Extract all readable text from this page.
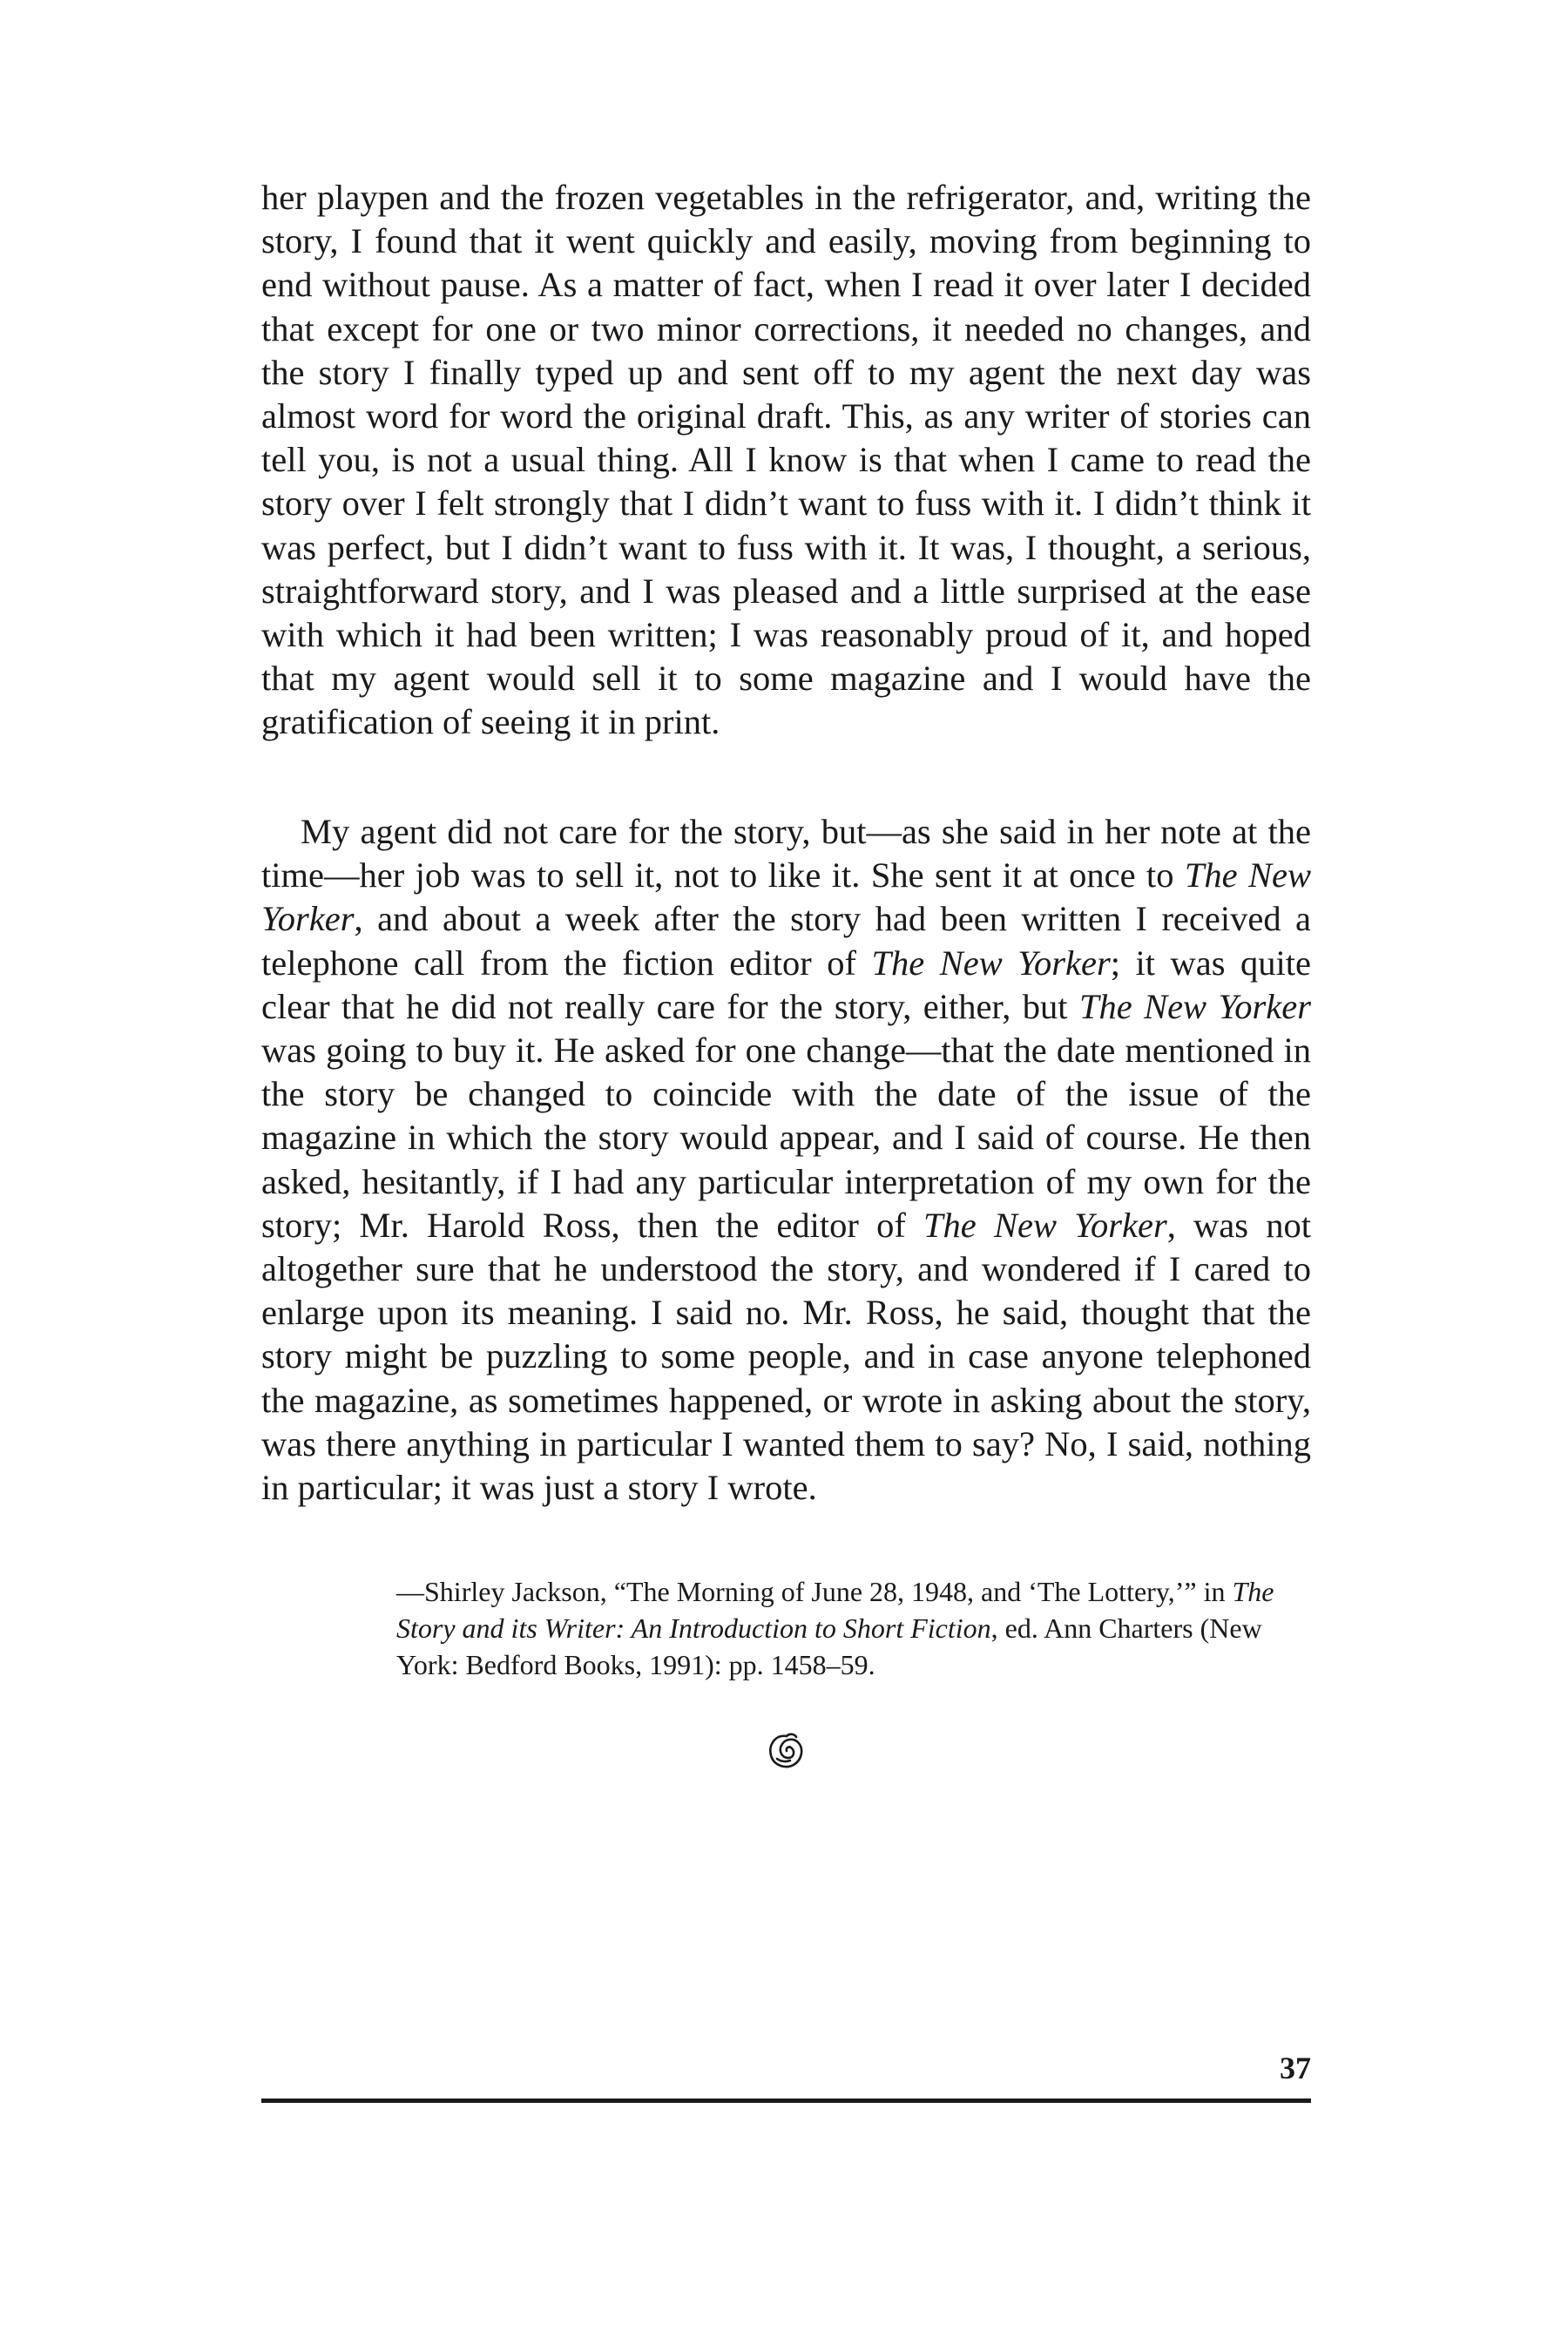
her playpen and the frozen vegetables in the refrigerator, and, writing the story, I found that it went quickly and easily, moving from beginning to end without pause. As a matter of fact, when I read it over later I decided that except for one or two minor corrections, it needed no changes, and the story I finally typed up and sent off to my agent the next day was almost word for word the original draft. This, as any writer of stories can tell you, is not a usual thing. All I know is that when I came to read the story over I felt strongly that I didn’t want to fuss with it. I didn’t think it was perfect, but I didn’t want to fuss with it. It was, I thought, a serious, straightforward story, and I was pleased and a little surprised at the ease with which it had been written; I was reasonably proud of it, and hoped that my agent would sell it to some magazine and I would have the gratification of seeing it in print.

My agent did not care for the story, but—as she said in her note at the time—her job was to sell it, not to like it. She sent it at once to The New Yorker, and about a week after the story had been written I received a telephone call from the fiction editor of The New Yorker; it was quite clear that he did not really care for the story, either, but The New Yorker was going to buy it. He asked for one change—that the date mentioned in the story be changed to coincide with the date of the issue of the magazine in which the story would appear, and I said of course. He then asked, hesitantly, if I had any particular interpretation of my own for the story; Mr. Harold Ross, then the editor of The New Yorker, was not altogether sure that he understood the story, and wondered if I cared to enlarge upon its meaning. I said no. Mr. Ross, he said, thought that the story might be puzzling to some people, and in case anyone telephoned the magazine, as sometimes happened, or wrote in asking about the story, was there anything in particular I wanted them to say? No, I said, nothing in particular; it was just a story I wrote.

—Shirley Jackson, “The Morning of June 28, 1948, and ‘The Lottery,’” in The Story and its Writer: An Introduction to Short Fiction, ed. Ann Charters (New York: Bedford Books, 1991): pp. 1458–59.
37
